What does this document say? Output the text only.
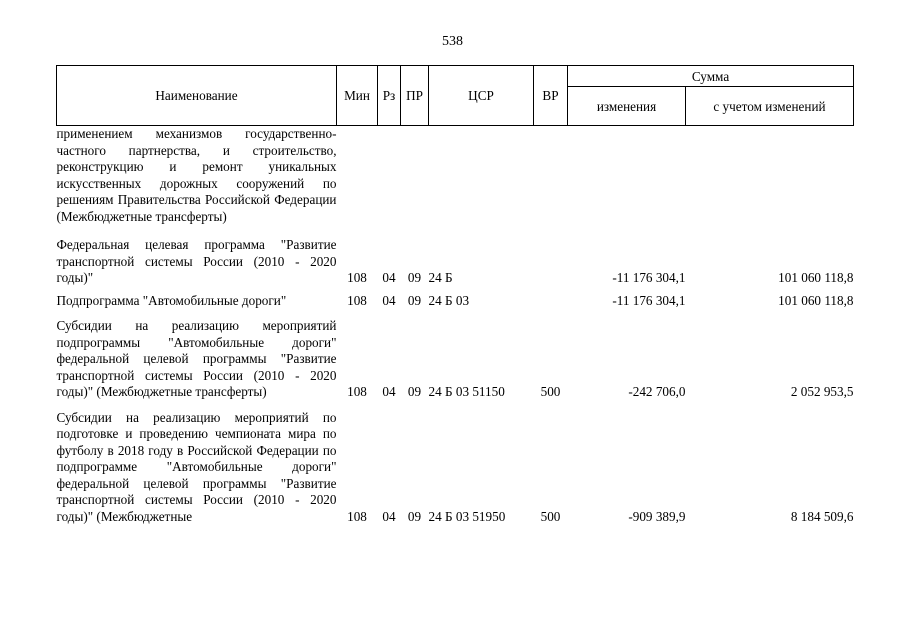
538
Наименование	Мин	Рз	ПР	ЦСР	ВР	Сумма	
						изменения	с учетом изменений
применением механизмов государственно-частного партнерства, и строительство, реконструкцию и ремонт уникальных искусственных дорожных сооружений по решениям Правительства Российской Федерации (Межбюджетные трансферты)							
Федеральная целевая программа "Развитие транспортной системы России (2010 - 2020 годы)"	108	04	09	24 Б		-11 176 304,1	101 060 118,8
Подпрограмма "Автомобильные дороги"	108	04	09	24 Б 03		-11 176 304,1	101 060 118,8
Субсидии на реализацию мероприятий подпрограммы "Автомобильные дороги" федеральной целевой программы "Развитие транспортной системы России (2010 - 2020 годы)" (Межбюджетные трансферты)	108	04	09	24 Б 03 51150	500	-242 706,0	2 052 953,5
Субсидии на реализацию мероприятий по подготовке и проведению чемпионата мира по футболу в 2018 году в Российской Федерации по подпрограмме "Автомобильные дороги" федеральной целевой программы "Развитие транспортной системы России (2010 - 2020 годы)" (Межбюджетные	108	04	09	24 Б 03 51950	500	-909 389,9	8 184 509,6
